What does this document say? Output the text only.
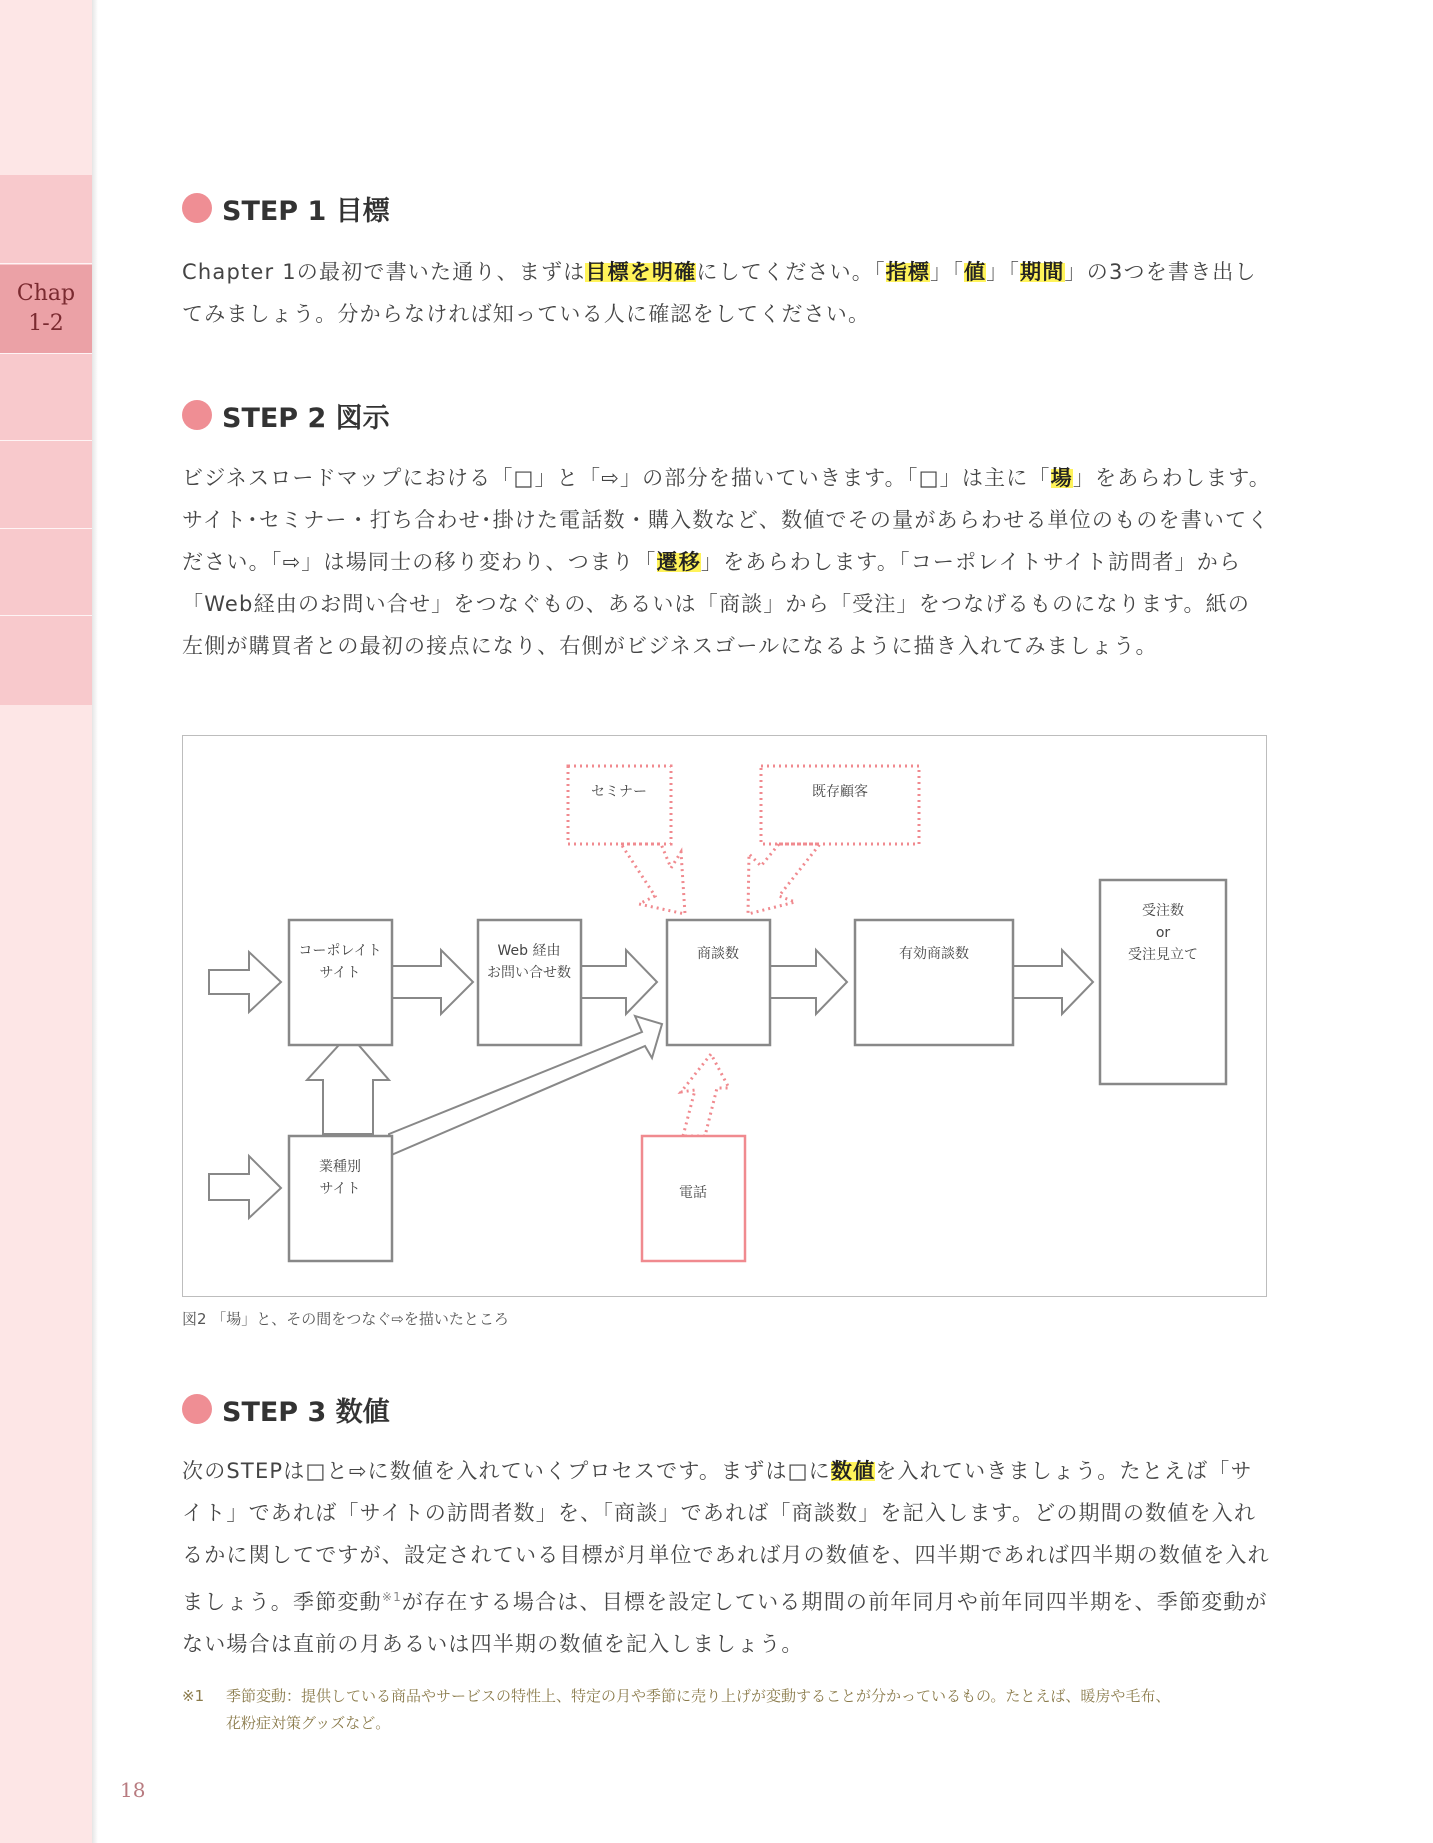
Chap
1-2
STEP 1 目標

Chapter 1の最初で書いた通り、まずは目標を明確にしてください。「指標」「値」「期間」の3つを書き出してみましょう。分からなければ知っている人に確認をしてください。

STEP 2 図示

ビジネスロードマップにおける「□」と「⇨」の部分を描いていきます。「□」は主に「場」をあらわします。サイト･セミナー・打ち合わせ･掛けた電話数・購入数など、数値でその量があらわせる単位のものを書いてください。「⇨」は場同士の移り変わり、つまり「遷移」をあらわします。「コーポレイトサイト訪問者」から「Web経由のお問い合せ」をつなぐもの、あるいは「商談」から「受注」をつなげるものになります。紙の左側が購買者との最初の接点になり、右側がビジネスゴールになるように描き入れてみましょう。

セミナー	既存顧客
コーポレイト
サイト
Web 経由
お問い合せ数
商談数	有効商談数
受注数
or
受注見立て
業種別
サイト	電話
図2 「場」と、その間をつなぐ⇨を描いたところ
STEP 3 数値

次のSTEPは□と⇨に数値を入れていくプロセスです。まずは□に数値を入れていきましょう。たとえば「サイト」であれば「サイトの訪問者数」を、「商談」であれば「商談数」を記入します。どの期間の数値を入れるかに関してですが、設定されている目標が月単位であれば月の数値を、四半期であれば四半期の数値を入れましょう。季節変動$^{※1}$が存在する場合は、目標を設定している期間の前年同月や前年同四半期を、季節変動がない場合は直前の月あるいは四半期の数値を記入しましょう。

※1 季節変動：提供している商品やサービスの特性上、特定の月や季節に売り上げが変動することが分かっているもの。たとえば、暖房や毛布、
花粉症対策グッズなど。
18
